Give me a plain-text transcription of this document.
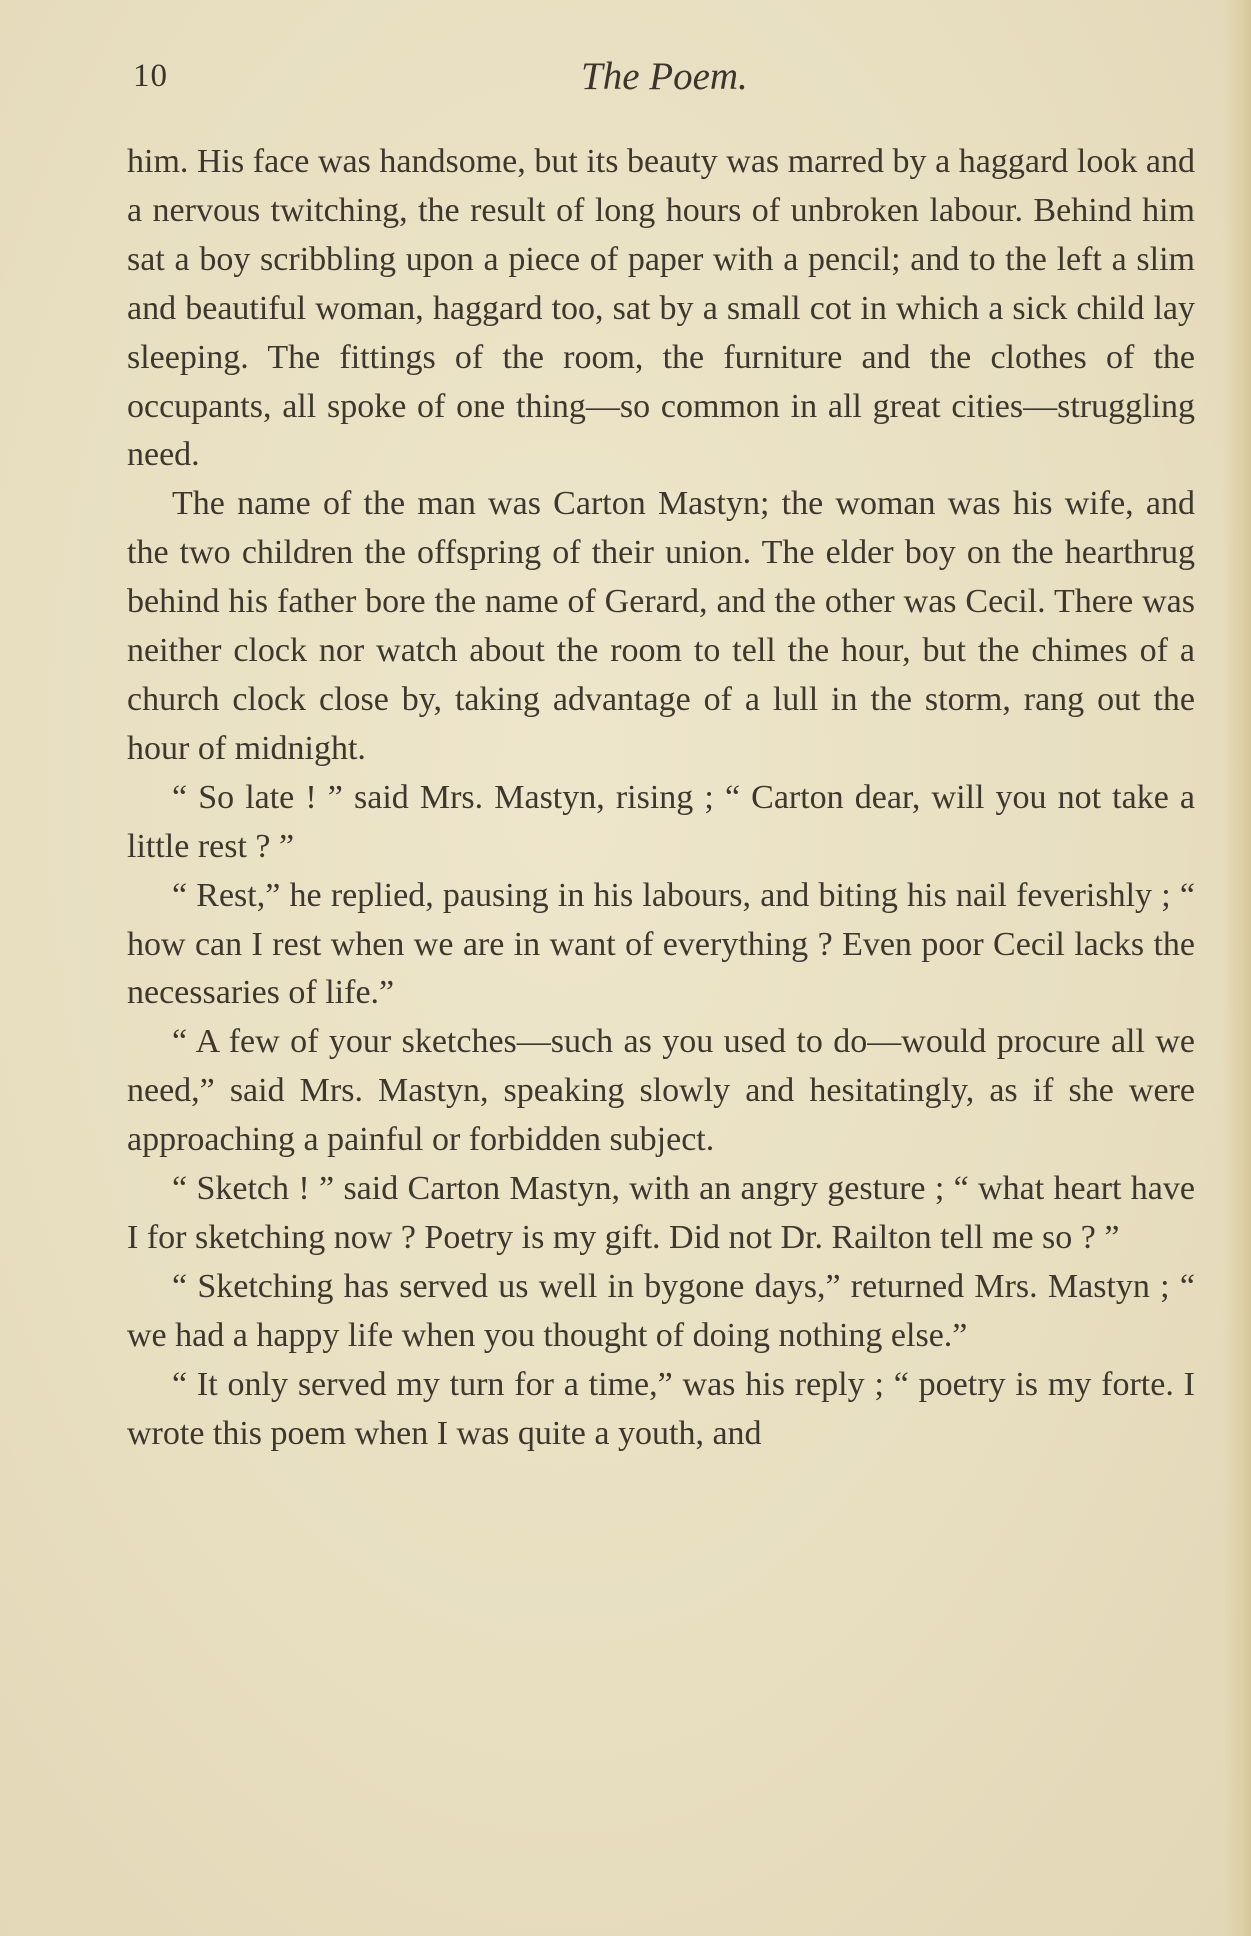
10	The Poem.

him. His face was handsome, but its beauty was marred by a haggard look and a nervous twitching, the result of long hours of unbroken labour. Behind him sat a boy scribbling upon a piece of paper with a pencil; and to the left a slim and beautiful woman, haggard too, sat by a small cot in which a sick child lay sleeping. The fittings of the room, the furniture and the clothes of the occupants, all spoke of one thing—so common in all great cities—struggling need.

The name of the man was Carton Mastyn; the woman was his wife, and the two children the offspring of their union. The elder boy on the hearthrug behind his father bore the name of Gerard, and the other was Cecil. There was neither clock nor watch about the room to tell the hour, but the chimes of a church clock close by, taking advantage of a lull in the storm, rang out the hour of midnight.

“ So late ! ” said Mrs. Mastyn, rising ; “ Carton dear, will you not take a little rest ? ”

“ Rest,” he replied, pausing in his labours, and biting his nail feverishly ; “ how can I rest when we are in want of everything ? Even poor Cecil lacks the necessaries of life.”

“ A few of your sketches—such as you used to do—would procure all we need,” said Mrs. Mastyn, speaking slowly and hesitatingly, as if she were approaching a painful or forbidden subject.

“ Sketch ! ” said Carton Mastyn, with an angry gesture ; “ what heart have I for sketching now ? Poetry is my gift. Did not Dr. Railton tell me so ? ”

“ Sketching has served us well in bygone days,” returned Mrs. Mastyn ; “ we had a happy life when you thought of doing nothing else.”

“ It only served my turn for a time,” was his reply ; “ poetry is my forte. I wrote this poem when I was quite a youth, and
